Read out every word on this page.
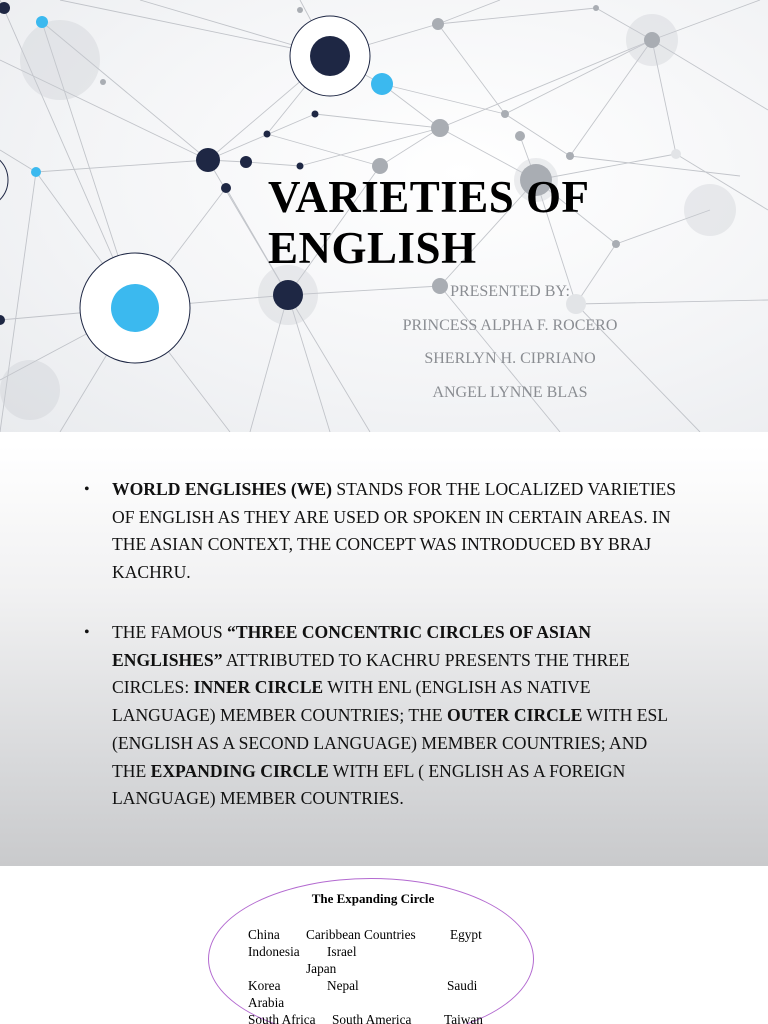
VARIETIES OF
ENGLISH
PRESENTED BY:
PRINCESS ALPHA F. ROCERO
SHERLYN H. CIPRIANO
ANGEL LYNNE BLAS
• WORLD ENGLISHES (WE) STANDS FOR THE LOCALIZED VARIETIES OF ENGLISH AS THEY ARE USED OR SPOKEN IN CERTAIN AREAS. IN THE ASIAN CONTEXT, THE CONCEPT WAS INTRODUCED BY BRAJ KACHRU.
• THE FAMOUS “THREE CONCENTRIC CIRCLES OF ASIAN ENGLISHES” ATTRIBUTED TO KACHRU PRESENTS THE THREE CIRCLES: INNER CIRCLE WITH ENL (ENGLISH AS NATIVE LANGUAGE) MEMBER COUNTRIES; THE OUTER CIRCLE WITH ESL (ENGLISH AS A SECOND LANGUAGE) MEMBER COUNTRIES; AND THE EXPANDING CIRCLE WITH EFL ( ENGLISH AS A FOREIGN LANGUAGE) MEMBER COUNTRIES.
The Expanding Circle
China Caribbean Countries	Egypt
Indonesia Israel
Japan
Korea	Nepal	Saudi
Arabia
South Africa South America Taiwan
